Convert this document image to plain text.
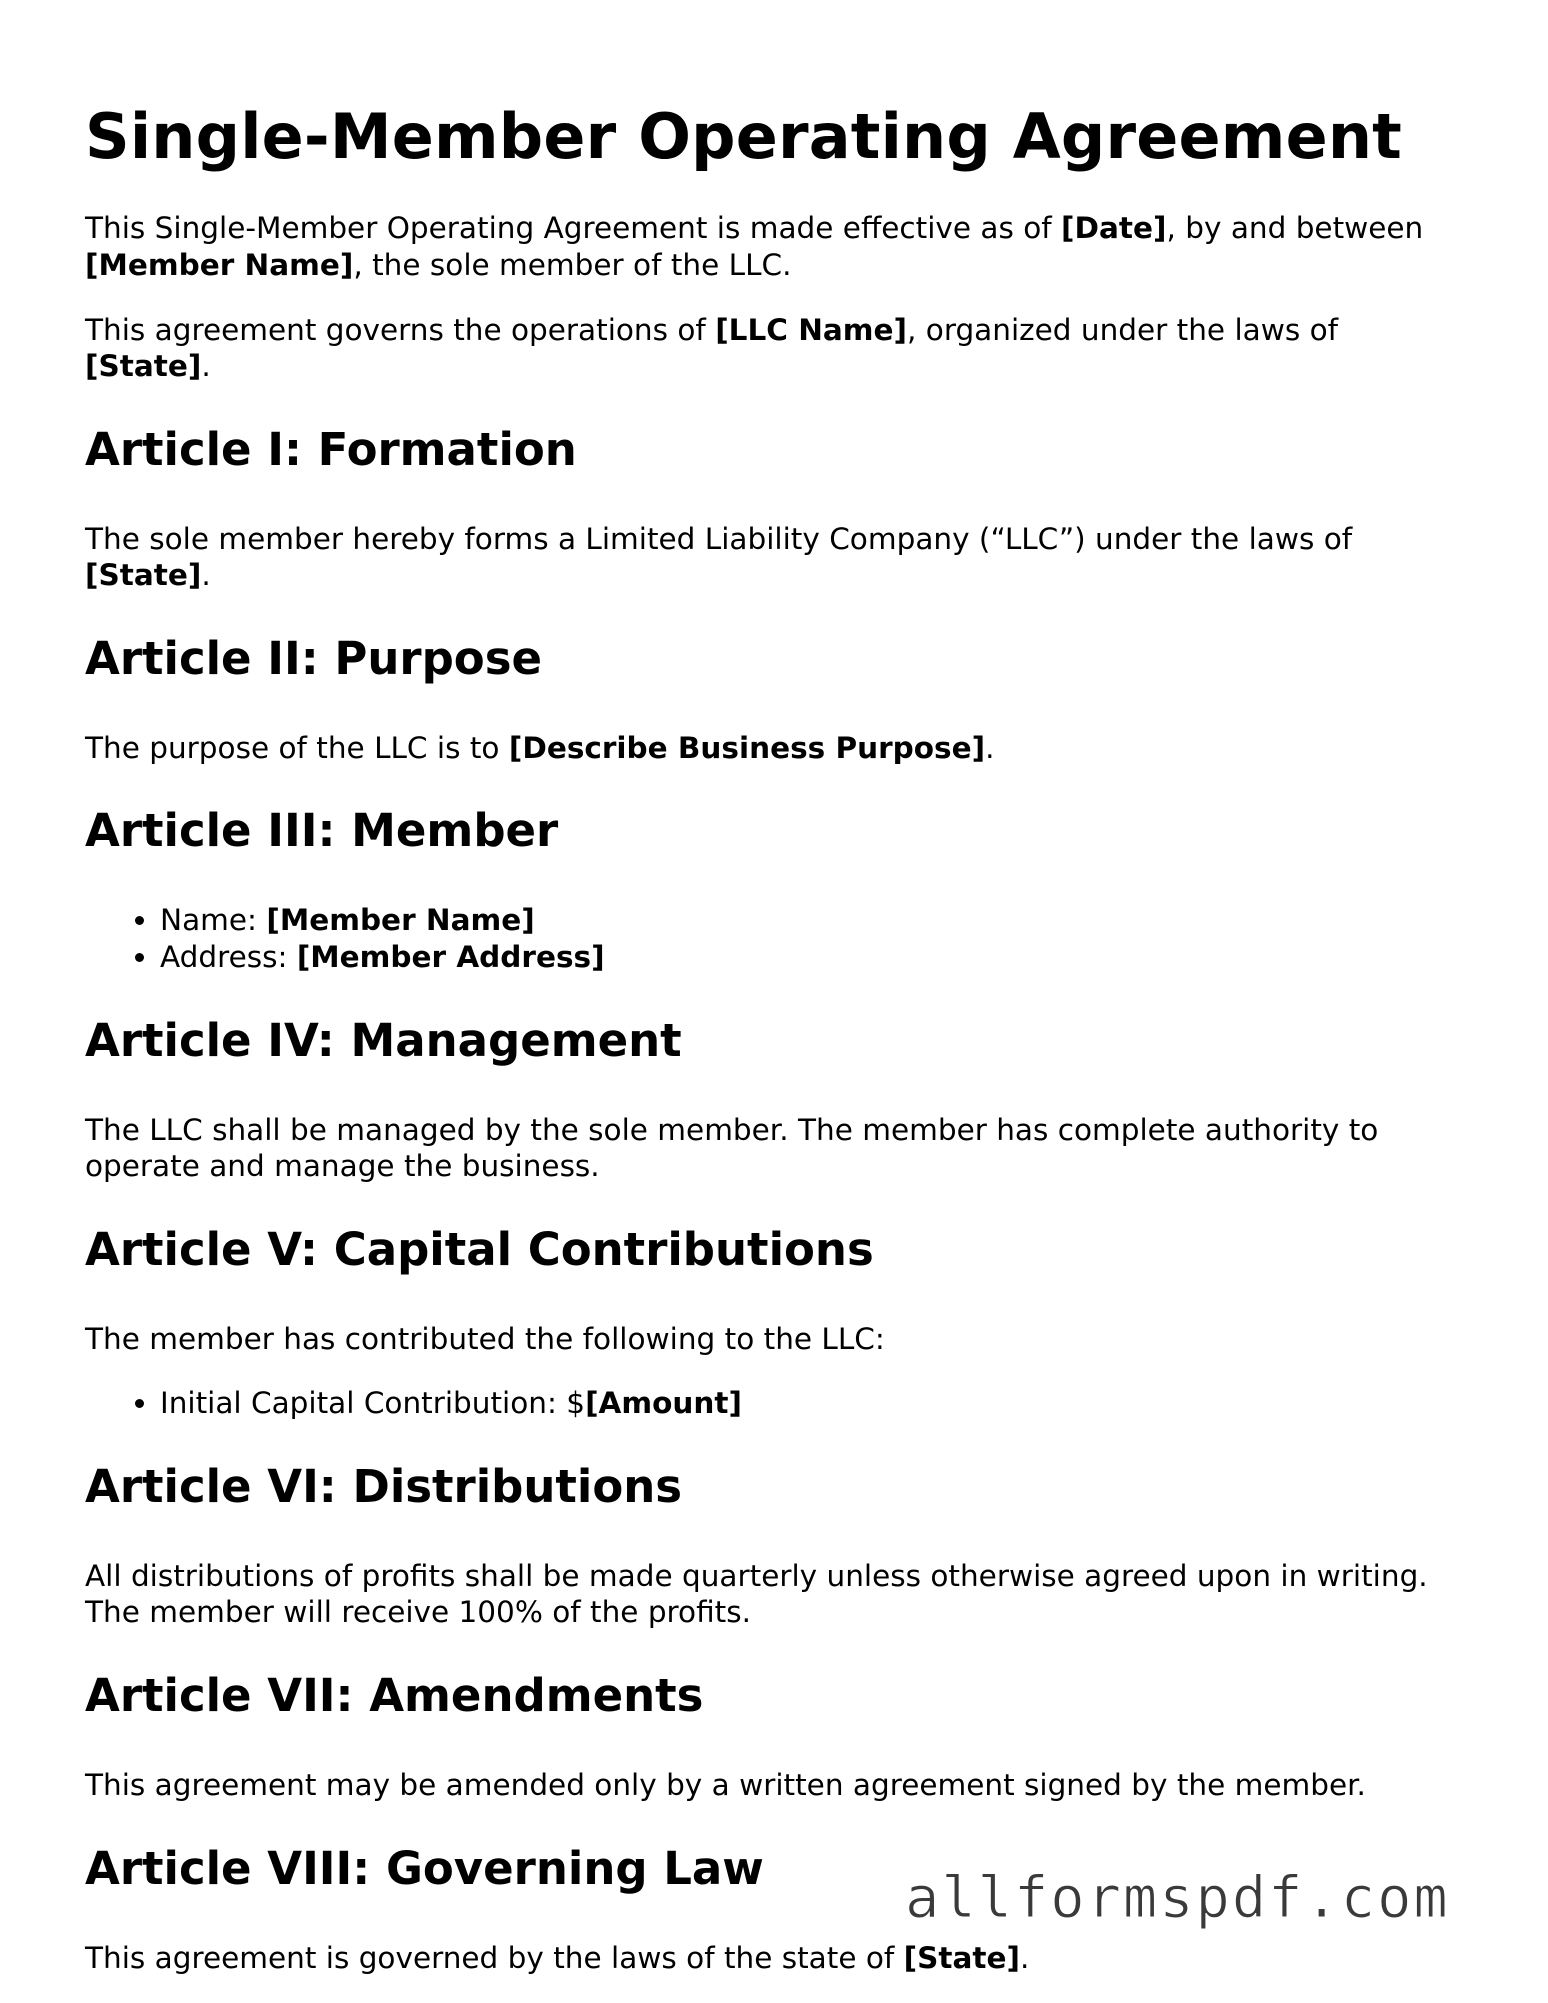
Single-Member Operating Agreement

This Single-Member Operating Agreement is made effective as of [Date], by and between [Member Name], the sole member of the LLC.

This agreement governs the operations of [LLC Name], organized under the laws of [State].

Article I: Formation

The sole member hereby forms a Limited Liability Company (“LLC”) under the laws of [State].

Article II: Purpose

The purpose of the LLC is to [Describe Business Purpose].

Article III: Member
• Name: [Member Name]
• Address: [Member Address]
Article IV: Management

The LLC shall be managed by the sole member. The member has complete authority to operate and manage the business.

Article V: Capital Contributions

The member has contributed the following to the LLC:

• Initial Capital Contribution: $[Amount]
Article VI: Distributions

All distributions of profits shall be made quarterly unless otherwise agreed upon in writing. The member will receive 100% of the profits.

Article VII: Amendments

This agreement may be amended only by a written agreement signed by the member.

Article VIII: Governing Law

This agreement is governed by the laws of the state of [State].

allformspdf.com
